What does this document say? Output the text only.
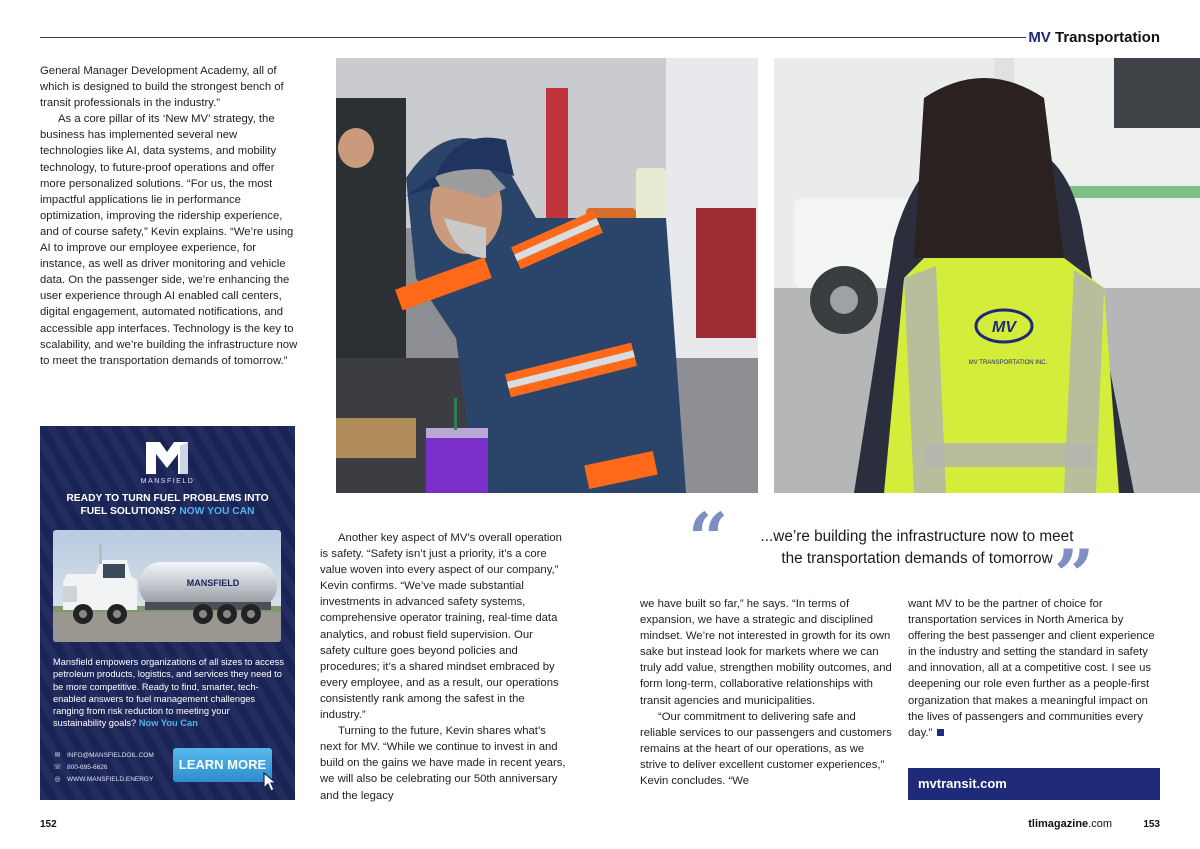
MV Transportation

General Manager Development Academy, all of which is designed to build the strongest bench of transit professionals in the industry.”

As a core pillar of its ‘New MV’ strategy, the business has implemented several new technologies like AI, data systems, and mobility technology, to future-proof operations and offer more personalized solutions. “For us, the most impactful applications lie in performance optimization, improving the ridership experience, and of course safety,” Kevin explains. “We’re using AI to improve our employee experience, for instance, as well as driver monitoring and vehicle data. On the passenger side, we’re enhancing the user experience through AI enabled call centers, digital engagement, automated notifications, and accessible app interfaces. Technology is the key to scalability, and we’re building the infrastructure now to meet the transportation demands of tomorrow.”

MANSFIELD
READY TO TURN FUEL PROBLEMS INTO
FUEL SOLUTIONS? NOW YOU CAN
MANSFIELD
Mansfield empowers organizations of all sizes to access petroleum products, logistics, and services they need to be more competitive. Ready to find, smarter, tech-enabled answers to fuel management challenges ranging from risk reduction to meeting your sustainability goals? Now You Can
✉ INFO@MANSFIELDOIL.COM
☏ 800-695-6626
◎ WWW.MANSFIELD.ENERGY
LEARN MORE
MV
MV TRANSPORTATION INC.

Another key aspect of MV’s overall operation is safety. “Safety isn’t just a priority, it’s a core value woven into every aspect of our company,” Kevin confirms. “We’ve made substantial investments in advanced safety systems, comprehensive operator training, real-time data analytics, and robust field supervision. Our safety culture goes beyond policies and procedures; it’s a shared mindset embraced by every employee, and as a result, our operations consistently rank among the safest in the industry.”

Turning to the future, Kevin shares what’s next for MV. “While we continue to invest in and build on the gains we have made in recent years, we will also be celebrating our 50th anniversary and the legacy

“	...we’re building the infrastructure now to meet
the transportation demands of tomorrow ”

we have built so far,” he says. “In terms of expansion, we have a strategic and disciplined mindset. We’re not interested in growth for its own sake but instead look for markets where we can truly add value, strengthen mobility outcomes, and form long-term, collaborative relationships with transit agencies and municipalities.

“Our commitment to delivering safe and reliable services to our passengers and customers remains at the heart of our operations, as we strive to deliver excellent customer experiences,” Kevin concludes. “We

want MV to be the partner of choice for transportation services in North America by offering the best passenger and client experience in the industry and setting the standard in safety and innovation, all at a competitive cost. I see us deepening our role even further as a people-first organization that makes a meaningful impact on the lives of passengers and communities every day.”

mvtransit.com
152	tlimagazine.com	153
